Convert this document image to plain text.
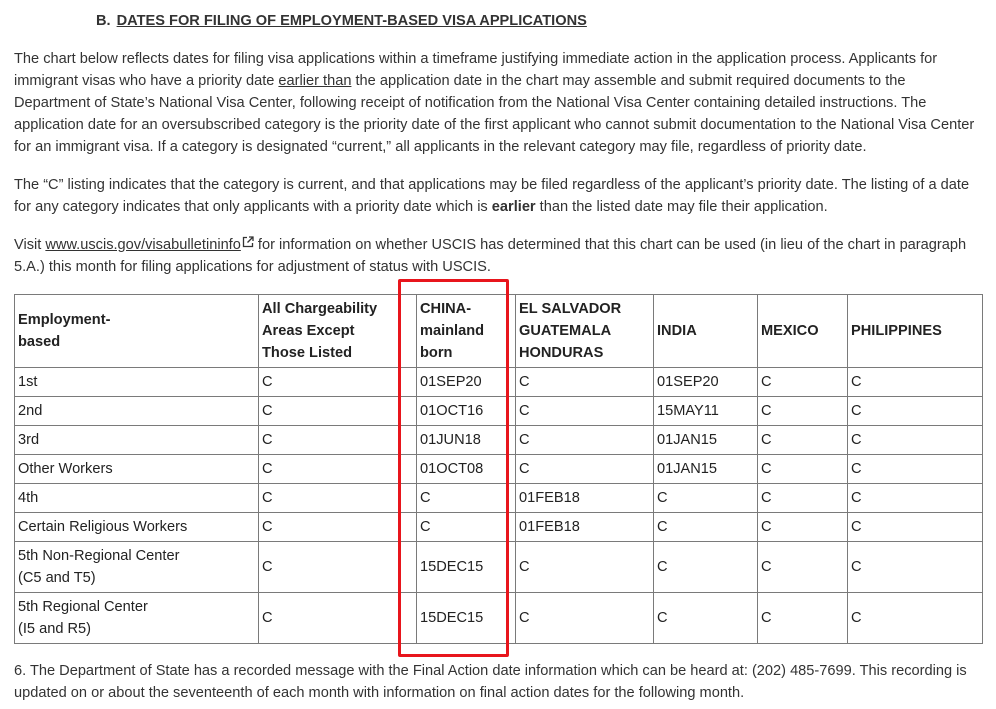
B. DATES FOR FILING OF EMPLOYMENT-BASED VISA APPLICATIONS

The chart below reflects dates for filing visa applications within a timeframe justifying immediate action in the application process. Applicants for immigrant visas who have a priority date earlier than the application date in the chart may assemble and submit required documents to the Department of State’s National Visa Center, following receipt of notification from the National Visa Center containing detailed instructions. The application date for an oversubscribed category is the priority date of the first applicant who cannot submit documentation to the National Visa Center for an immigrant visa. If a category is designated “current,” all applicants in the relevant category may file, regardless of priority date.

The “C” listing indicates that the category is current, and that applications may be filed regardless of the applicant’s priority date. The listing of a date for any category indicates that only applicants with a priority date which is earlier than the listed date may file their application.

Visit www.uscis.gov/visabulletininfo
for information on whether USCIS has determined that this chart can be used (in lieu of the chart in paragraph 5.A.) this month for filing applications for adjustment of status with USCIS.

Employment-
based	All Chargeability
Areas Except
Those Listed	CHINA-
mainland
born	EL SALVADOR
GUATEMALA
HONDURAS	INDIA	MEXICO	PHILIPPINES
1st	C	01SEP20	C	01SEP20	C	C
2nd	C	01OCT16	C	15MAY11	C	C
3rd	C	01JUN18	C	01JAN15	C	C
Other Workers	C	01OCT08	C	01JAN15	C	C
4th	C	C	01FEB18	C	C	C
Certain Religious Workers	C	C	01FEB18	C	C	C
5th Non-Regional Center
(C5 and T5)	C	15DEC15	C	C	C	C
5th Regional Center
(I5 and R5)	C	15DEC15	C	C	C	C

6. The Department of State has a recorded message with the Final Action date information which can be heard at: (202) 485-7699. This recording is updated on or about the seventeenth of each month with information on final action dates for the following month.
